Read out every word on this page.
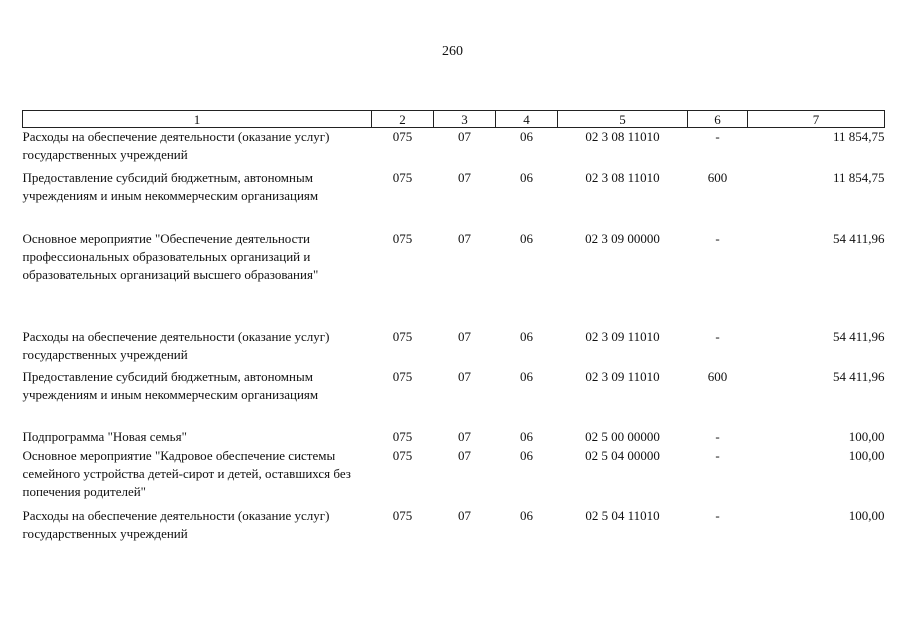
260
1	2	3	4	5	6	7
Расходы на обеспечение деятельности (оказание услуг) государственных учреждений	075	07	06	02 3 08 11010	-	11 854,75
Предоставление субсидий бюджетным, автономным учреждениям и иным некоммерческим организациям	075	07	06	02 3 08 11010	600	11 854,75
Основное мероприятие "Обеспечение деятельности профессиональных образовательных организаций и образовательных организаций высшего образования"	075	07	06	02 3 09 00000	-	54 411,96
Расходы на обеспечение деятельности (оказание услуг) государственных учреждений	075	07	06	02 3 09 11010	-	54 411,96
Предоставление субсидий бюджетным, автономным учреждениям и иным некоммерческим организациям	075	07	06	02 3 09 11010	600	54 411,96
Подпрограмма "Новая семья"	075	07	06	02 5 00 00000	-	100,00
Основное мероприятие "Кадровое обеспечение системы семейного устройства детей-сирот и детей, оставшихся без попечения родителей"	075	07	06	02 5 04 00000	-	100,00
Расходы на обеспечение деятельности (оказание услуг) государственных учреждений	075	07	06	02 5 04 11010	-	100,00
